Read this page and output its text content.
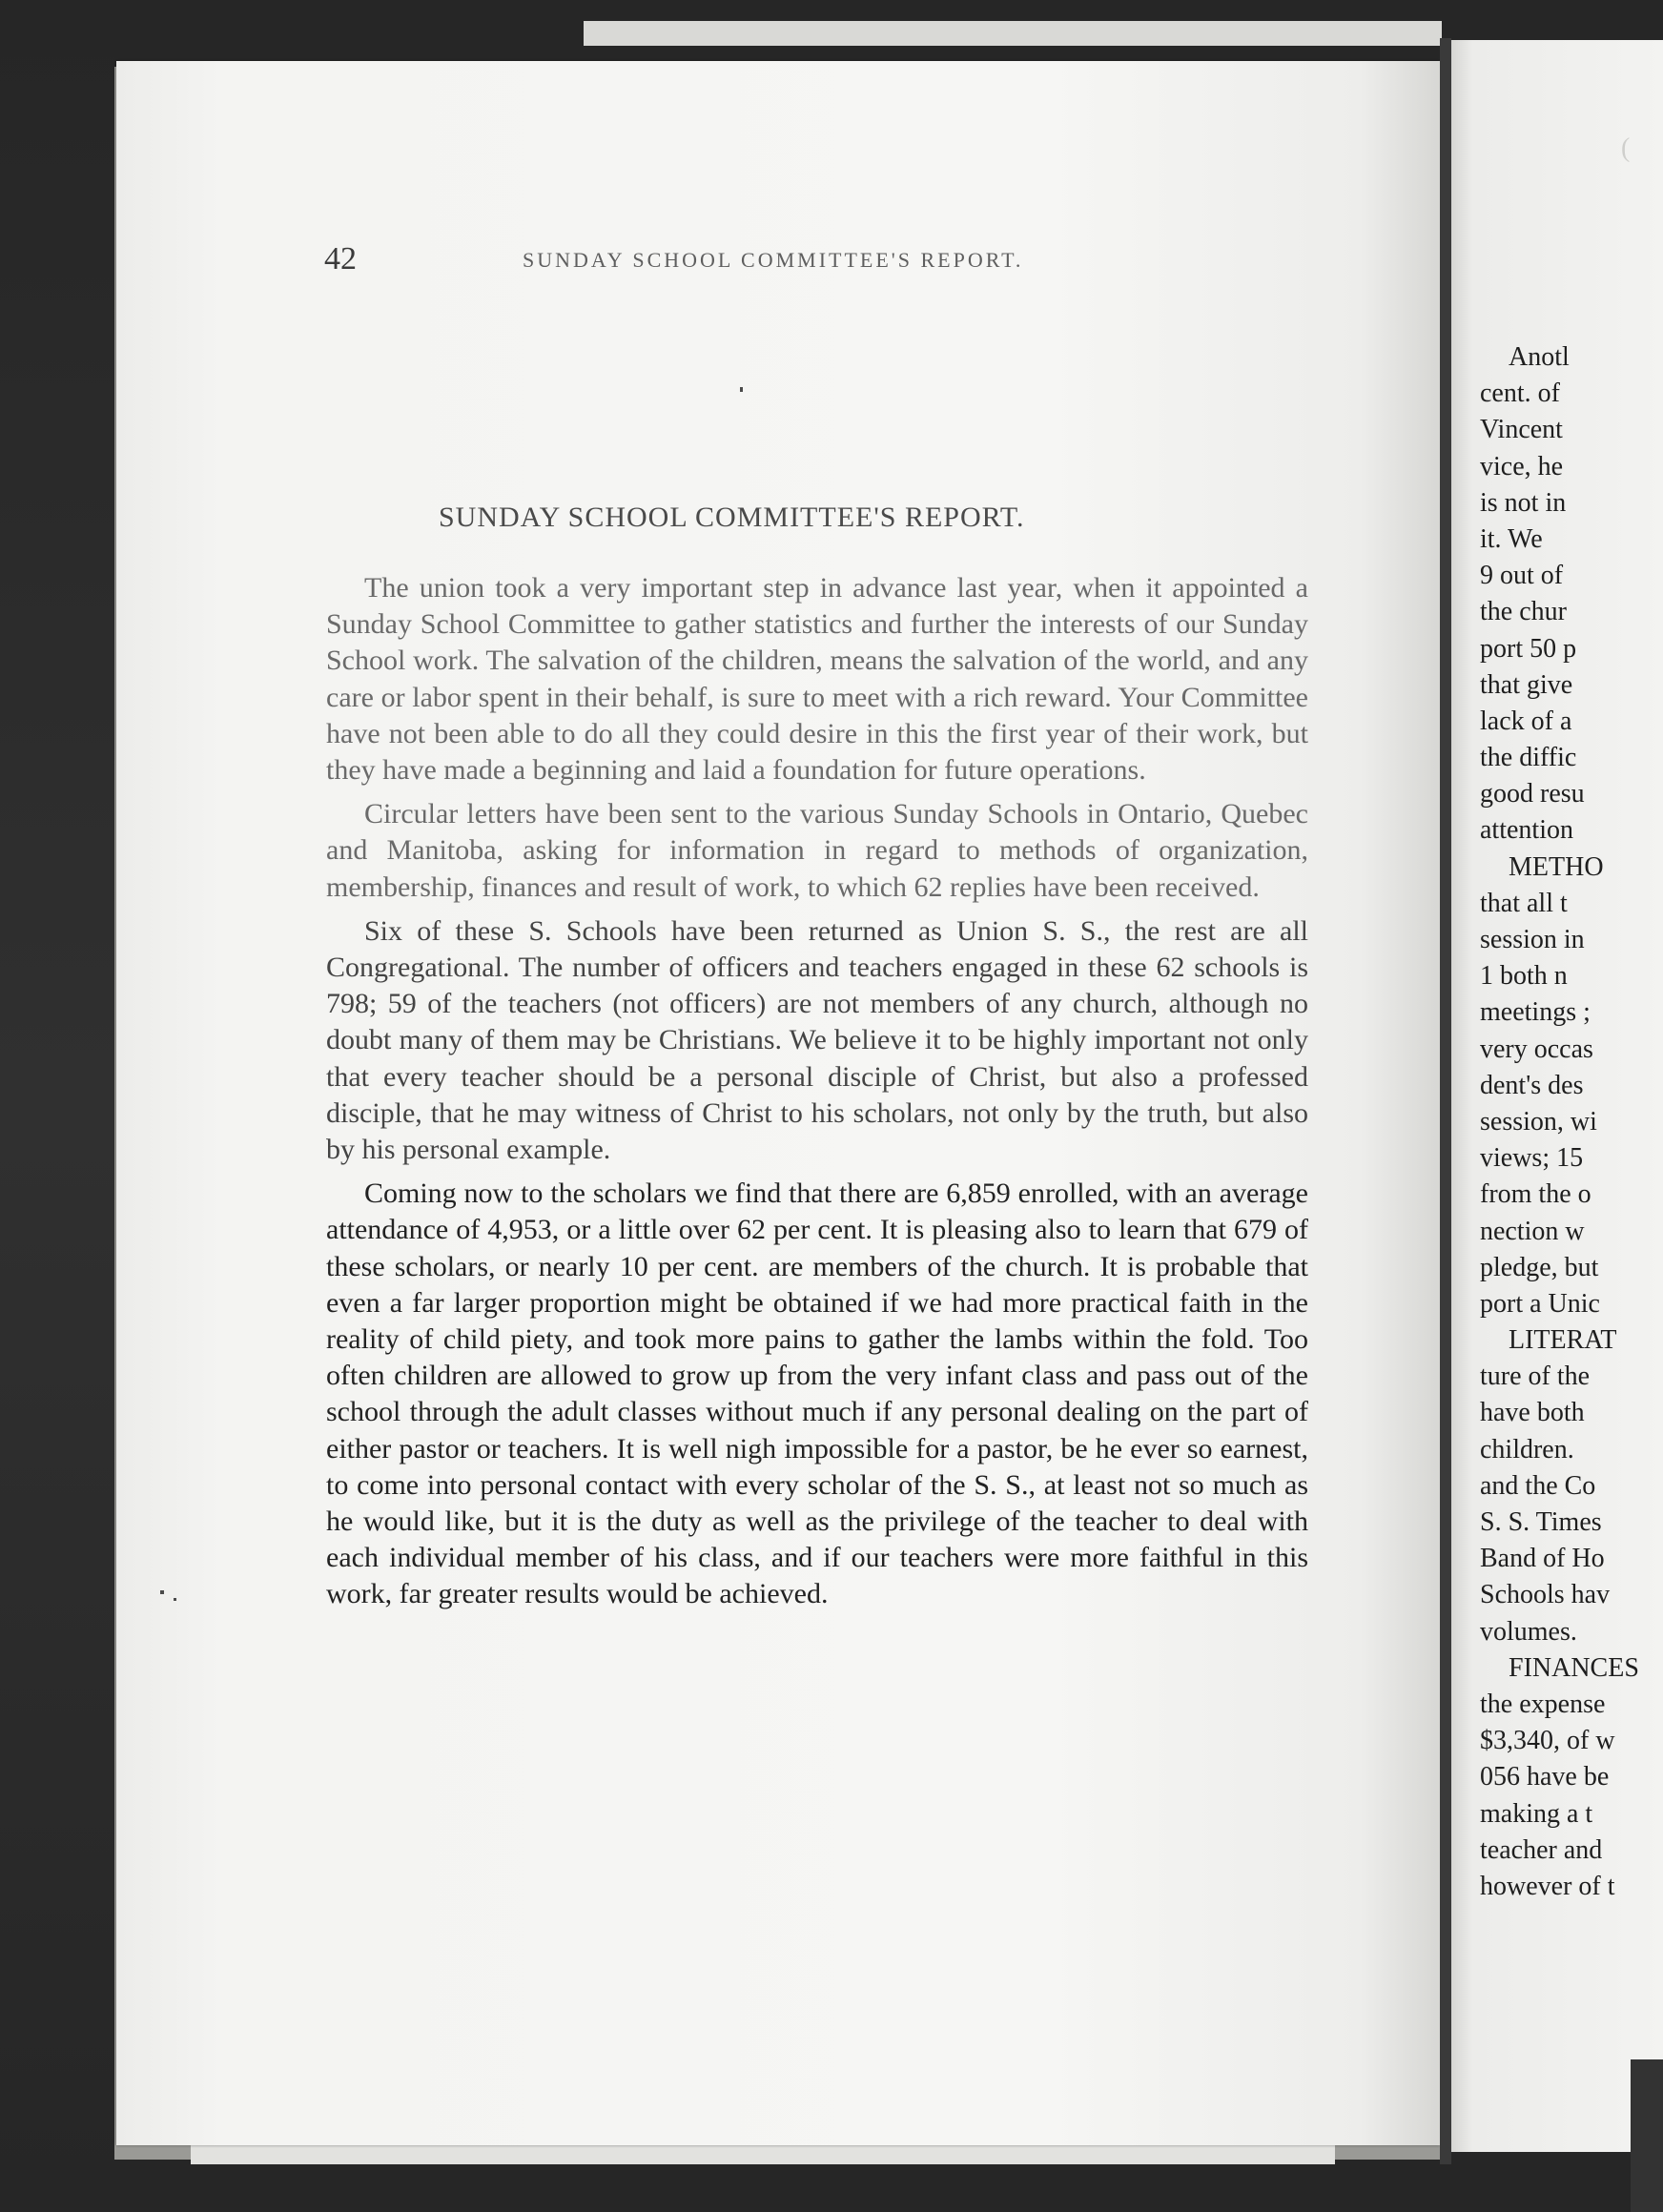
42	SUNDAY SCHOOL COMMITTEE'S REPORT.
SUNDAY SCHOOL COMMITTEE'S REPORT.

The union took a very important step in advance last year, when it appointed a Sunday School Committee to gather statistics and further the interests of our Sunday School work. The salvation of the children, means the salvation of the world, and any care or labor spent in their behalf, is sure to meet with a rich reward. Your Committee have not been able to do all they could desire in this the first year of their work, but they have made a beginning and laid a foundation for future operations.

Circular letters have been sent to the various Sunday Schools in Ontario, Quebec and Manitoba, asking for information in regard to methods of organization, membership, finances and result of work, to which 62 replies have been received.

Six of these S. Schools have been returned as Union S. S., the rest are all Congregational. The number of officers and teachers engaged in these 62 schools is 798; 59 of the teachers (not officers) are not members of any church, although no doubt many of them may be Christians. We believe it to be highly important not only that every teacher should be a personal disciple of Christ, but also a professed disciple, that he may witness of Christ to his scholars, not only by the truth, but also by his personal example.

Coming now to the scholars we find that there are 6,859 enrolled, with an average attendance of 4,953, or a little over 62 per cent. It is pleasing also to learn that 679 of these scholars, or nearly 10 per cent. are members of the church. It is probable that even a far larger proportion might be obtained if we had more practical faith in the reality of child piety, and took more pains to gather the lambs within the fold. Too often children are allowed to grow up from the very infant class and pass out of the school through the adult classes without much if any personal dealing on the part of either pastor or teachers. It is well nigh impossible for a pastor, be he ever so earnest, to come into personal contact with every scholar of the S. S., at least not so much as he would like, but it is the duty as well as the privilege of the teacher to deal with each individual member of his class, and if our teachers were more faithful in this work, far greater results would be achieved.

(
Anotl
cent. of
Vincent
vice, he
is not in
it. We
9 out of
the chur
port 50 p
that give
lack of a
the diffic
good resu
attention
METHO
that all t
session in
1 both n
meetings ;
very occas
dent's des
session, wi
views; 15
from the o
nection w
pledge, but
port a Unic
LITERAT
ture of the
have both
children.
and the Co
S. S. Times
Band of Ho
Schools hav
volumes.
FINANCES
the expense
$3,340, of w
056 have be
making a t
teacher and
however of t
